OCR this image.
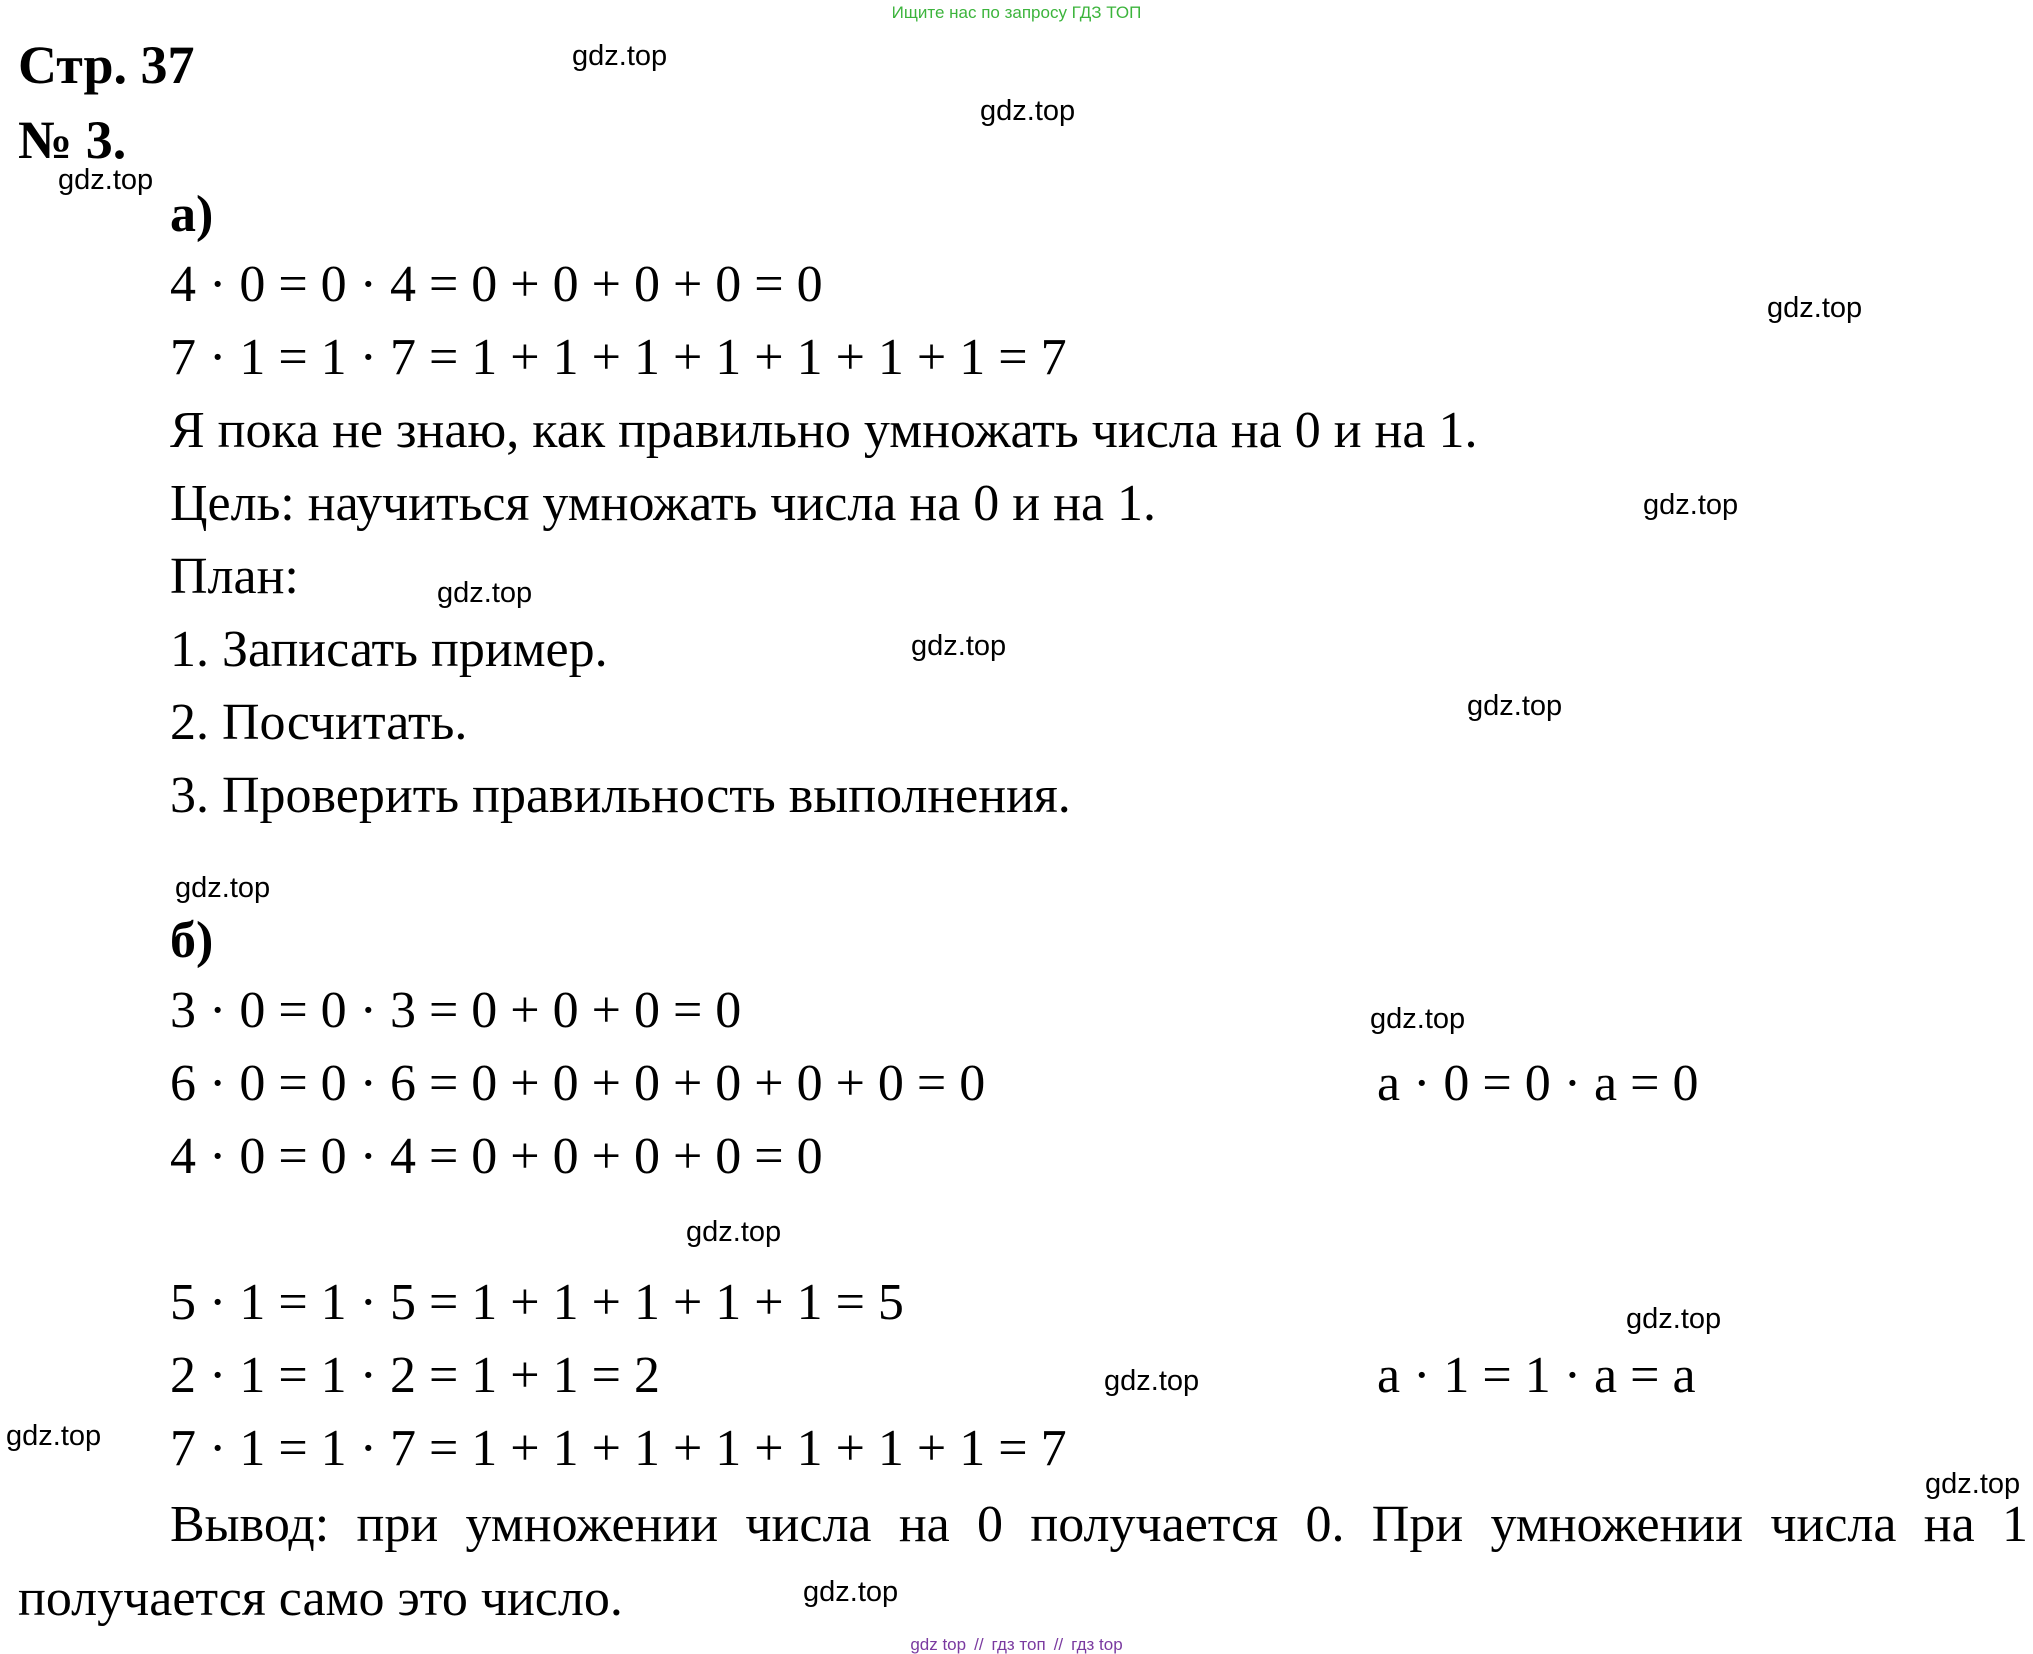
Ищите нас по запросу ГДЗ ТОП
Стр. 37
№ 3.
а)
4 · 0 = 0 · 4 = 0 + 0 + 0 + 0 = 0
7 · 1 = 1 · 7 = 1 + 1 + 1 + 1 + 1 + 1 + 1 = 7
Я пока не знаю, как правильно умножать числа на 0 и на 1.
Цель: научиться умножать числа на 0 и на 1.
План:
1. Записать пример.
2. Посчитать.
3. Проверить правильность выполнения.
б)
3 · 0 = 0 · 3 = 0 + 0 + 0 = 0
6 · 0 = 0 · 6 = 0 + 0 + 0 + 0 + 0 + 0 = 0
4 · 0 = 0 · 4 = 0 + 0 + 0 + 0 = 0
a · 0 = 0 · a = 0
5 · 1 = 1 · 5 = 1 + 1 + 1 + 1 + 1 = 5
2 · 1 = 1 · 2 = 1 + 1 = 2
7 · 1 = 1 · 7 = 1 + 1 + 1 + 1 + 1 + 1 + 1 = 7
a · 1 = 1 · a = a
Вывод: при умножении числа на 0 получается 0. При умножении числа на 1 получается само это число.
gdz.top
gdz.top
gdz.top
gdz.top
gdz.top
gdz.top
gdz.top
gdz.top
gdz.top
gdz.top
gdz.top
gdz.top
gdz.top
gdz.top
gdz.top
gdz.top
gdz top // гдз топ // гдз top
